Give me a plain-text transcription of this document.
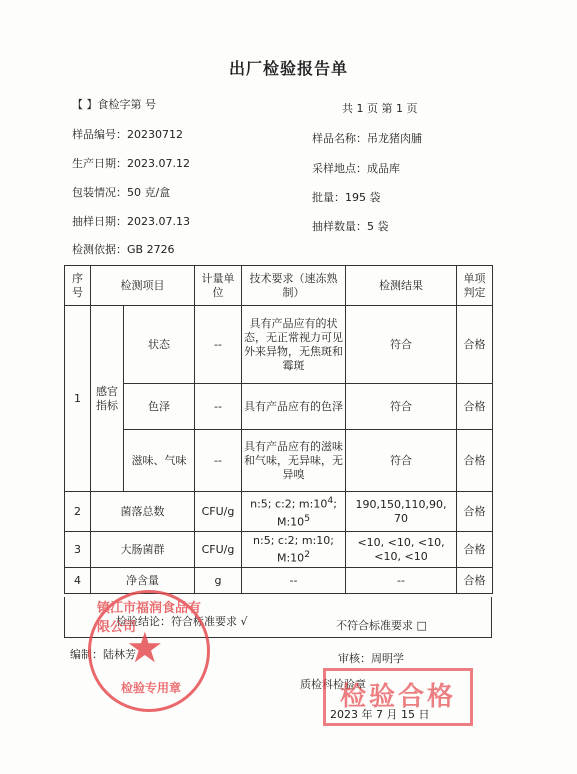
出厂检验报告单
【 】食检字第 号	共 1 页 第 1 页
样品编号：20230712	样品名称：吊龙猪肉脯
生产日期：2023.07.12	采样地点：成品库
包装情况：50 克/盒	批量：195 袋
抽样日期：2023.07.13	抽样数量：5 袋
检测依据：GB 2726
序号	检测项目		计量单位	技术要求（速冻熟制）	检测结果	单项判定
1	感官指标	状态	--	具有产品应有的状态，无正常视力可见外来异物，无焦斑和霉斑	符合	合格
		色泽	--	具有产品应有的色泽	符合	合格
		滋味、气味	--	具有产品应有的滋味和气味，无异味，无异嗅	符合	合格
2	菌落总数		CFU/g	n:5; c:2; $m:10^4$; $M:10^5$	190,150,110,90, 70	合格
3	大肠菌群		CFU/g	n:5; c:2; m:10; $M:10^2$	<10, <10, <10, <10, <10	合格
4	净含量		g	--	--	合格
检验结论：符合标准要求 √	不符合标准要求 □
编制：陆林芳	审核：周明学
质检科检验章
2023 年 7 月 15 日
镇江市福润食品有限公司
★
检验专用章	检验合格
